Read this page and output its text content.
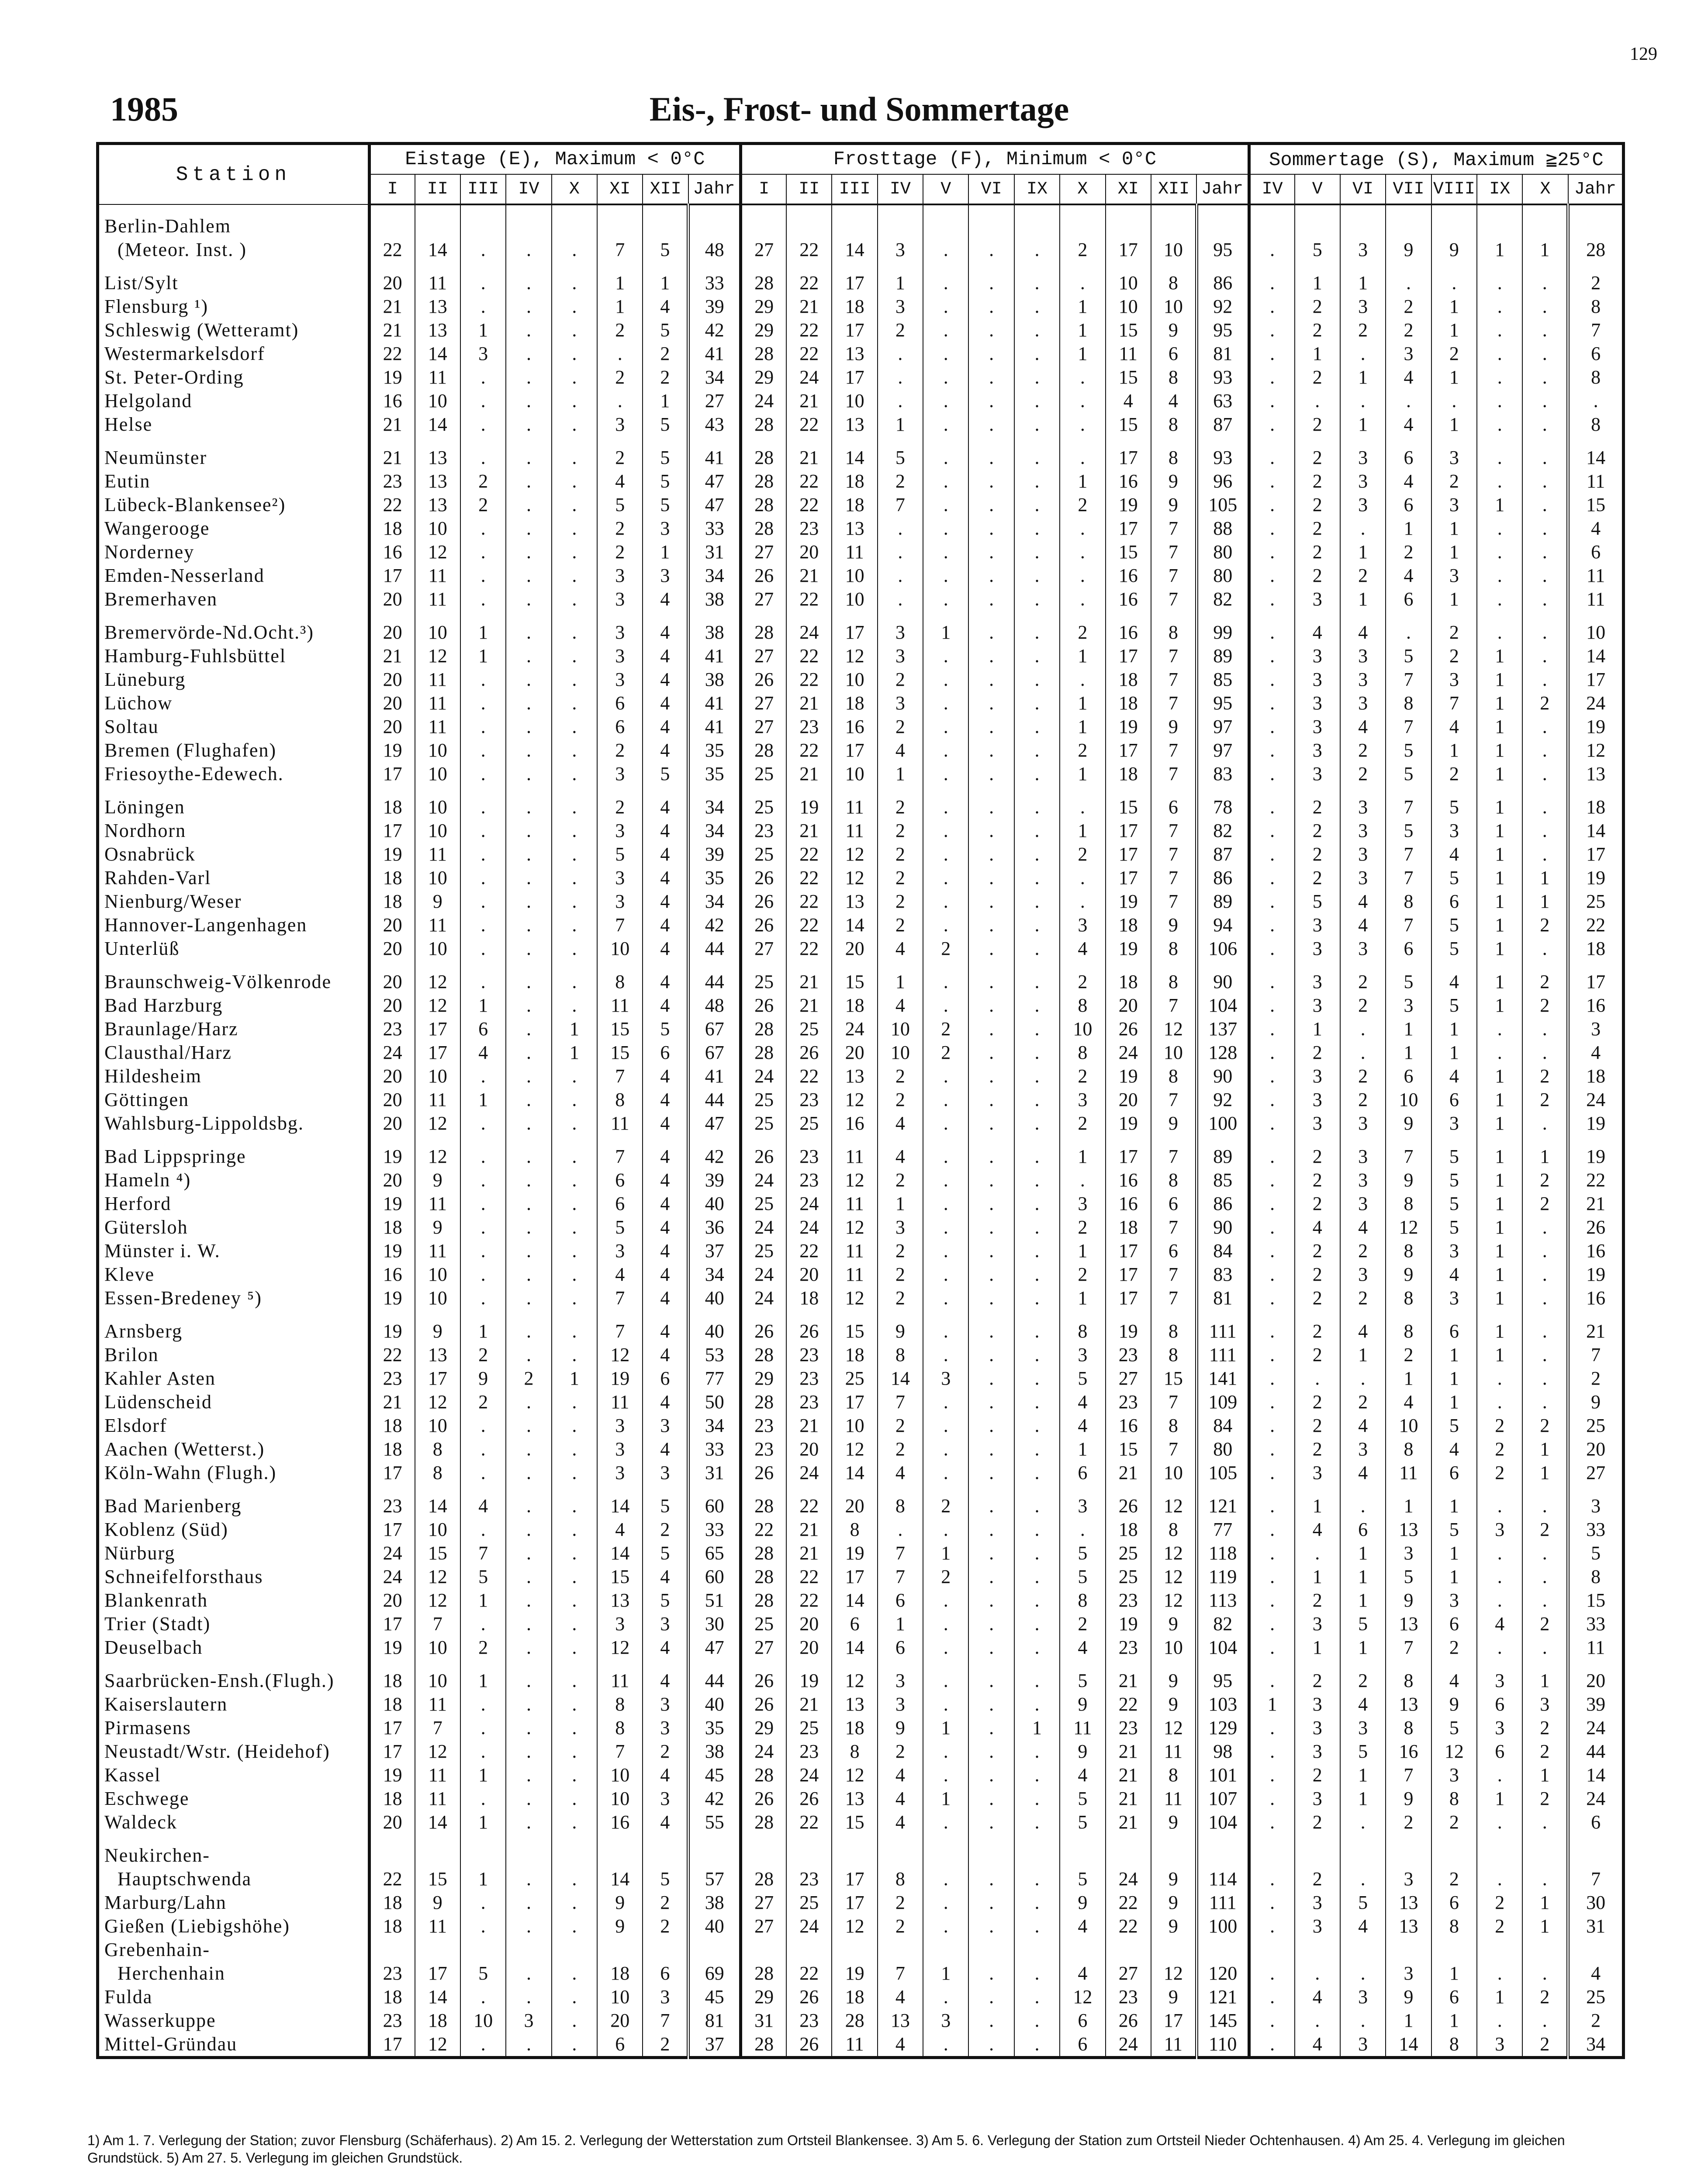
129
1985	Eis-, Frost- und Sommertage
Station	Eistage (E), Maximum < 0°C								Frosttage (F), Minimum < 0°C											Sommertage (S), Maximum ≧25°C							
	I	II	III	IV	X	XI	XII	Jahr	I	II	III	IV	V	VI	IX	X	XI	XII	Jahr	IV	V	VI	VII	VIII	IX	X	Jahr
Berlin-Dahlem
(Meteor. Inst. )	22	14	.	.	.	7	5	48	27	22	14	3	.	.	.	2	17	10	95	.	5	3	9	9	1	1	28
List/Sylt	20	11	.	.	.	1	1	33	28	22	17	1	.	.	.	.	10	8	86	.	1	1	.	.	.	.	2
Flensburg ¹)	21	13	.	.	.	1	4	39	29	21	18	3	.	.	.	1	10	10	92	.	2	3	2	1	.	.	8
Schleswig (Wetteramt)	21	13	1	.	.	2	5	42	29	22	17	2	.	.	.	1	15	9	95	.	2	2	2	1	.	.	7
Westermarkelsdorf	22	14	3	.	.	.	2	41	28	22	13	.	.	.	.	1	11	6	81	.	1	.	3	2	.	.	6
St. Peter-Ording	19	11	.	.	.	2	2	34	29	24	17	.	.	.	.	.	15	8	93	.	2	1	4	1	.	.	8
Helgoland	16	10	.	.	.	.	1	27	24	21	10	.	.	.	.	.	4	4	63	.	.	.	.	.	.	.	.
Helse	21	14	.	.	.	3	5	43	28	22	13	1	.	.	.	.	15	8	87	.	2	1	4	1	.	.	8
Neumünster	21	13	.	.	.	2	5	41	28	21	14	5	.	.	.	.	17	8	93	.	2	3	6	3	.	.	14
Eutin	23	13	2	.	.	4	5	47	28	22	18	2	.	.	.	1	16	9	96	.	2	3	4	2	.	.	11
Lübeck-Blankensee²)	22	13	2	.	.	5	5	47	28	22	18	7	.	.	.	2	19	9	105	.	2	3	6	3	1	.	15
Wangerooge	18	10	.	.	.	2	3	33	28	23	13	.	.	.	.	.	17	7	88	.	2	.	1	1	.	.	4
Norderney	16	12	.	.	.	2	1	31	27	20	11	.	.	.	.	.	15	7	80	.	2	1	2	1	.	.	6
Emden-Nesserland	17	11	.	.	.	3	3	34	26	21	10	.	.	.	.	.	16	7	80	.	2	2	4	3	.	.	11
Bremerhaven	20	11	.	.	.	3	4	38	27	22	10	.	.	.	.	.	16	7	82	.	3	1	6	1	.	.	11
Bremervörde-Nd.Ocht.³)	20	10	1	.	.	3	4	38	28	24	17	3	1	.	.	2	16	8	99	.	4	4	.	2	.	.	10
Hamburg-Fuhlsbüttel	21	12	1	.	.	3	4	41	27	22	12	3	.	.	.	1	17	7	89	.	3	3	5	2	1	.	14
Lüneburg	20	11	.	.	.	3	4	38	26	22	10	2	.	.	.	.	18	7	85	.	3	3	7	3	1	.	17
Lüchow	20	11	.	.	.	6	4	41	27	21	18	3	.	.	.	1	18	7	95	.	3	3	8	7	1	2	24
Soltau	20	11	.	.	.	6	4	41	27	23	16	2	.	.	.	1	19	9	97	.	3	4	7	4	1	.	19
Bremen (Flughafen)	19	10	.	.	.	2	4	35	28	22	17	4	.	.	.	2	17	7	97	.	3	2	5	1	1	.	12
Friesoythe-Edewech.	17	10	.	.	.	3	5	35	25	21	10	1	.	.	.	1	18	7	83	.	3	2	5	2	1	.	13
Löningen	18	10	.	.	.	2	4	34	25	19	11	2	.	.	.	.	15	6	78	.	2	3	7	5	1	.	18
Nordhorn	17	10	.	.	.	3	4	34	23	21	11	2	.	.	.	1	17	7	82	.	2	3	5	3	1	.	14
Osnabrück	19	11	.	.	.	5	4	39	25	22	12	2	.	.	.	2	17	7	87	.	2	3	7	4	1	.	17
Rahden-Varl	18	10	.	.	.	3	4	35	26	22	12	2	.	.	.	.	17	7	86	.	2	3	7	5	1	1	19
Nienburg/Weser	18	9	.	.	.	3	4	34	26	22	13	2	.	.	.	.	19	7	89	.	5	4	8	6	1	1	25
Hannover-Langenhagen	20	11	.	.	.	7	4	42	26	22	14	2	.	.	.	3	18	9	94	.	3	4	7	5	1	2	22
Unterlüß	20	10	.	.	.	10	4	44	27	22	20	4	2	.	.	4	19	8	106	.	3	3	6	5	1	.	18
Braunschweig-Völkenrode	20	12	.	.	.	8	4	44	25	21	15	1	.	.	.	2	18	8	90	.	3	2	5	4	1	2	17
Bad Harzburg	20	12	1	.	.	11	4	48	26	21	18	4	.	.	.	8	20	7	104	.	3	2	3	5	1	2	16
Braunlage/Harz	23	17	6	.	1	15	5	67	28	25	24	10	2	.	.	10	26	12	137	.	1	.	1	1	.	.	3
Clausthal/Harz	24	17	4	.	1	15	6	67	28	26	20	10	2	.	.	8	24	10	128	.	2	.	1	1	.	.	4
Hildesheim	20	10	.	.	.	7	4	41	24	22	13	2	.	.	.	2	19	8	90	.	3	2	6	4	1	2	18
Göttingen	20	11	1	.	.	8	4	44	25	23	12	2	.	.	.	3	20	7	92	.	3	2	10	6	1	2	24
Wahlsburg-Lippoldsbg.	20	12	.	.	.	11	4	47	25	25	16	4	.	.	.	2	19	9	100	.	3	3	9	3	1	.	19
Bad Lippspringe	19	12	.	.	.	7	4	42	26	23	11	4	.	.	.	1	17	7	89	.	2	3	7	5	1	1	19
Hameln ⁴)	20	9	.	.	.	6	4	39	24	23	12	2	.	.	.	.	16	8	85	.	2	3	9	5	1	2	22
Herford	19	11	.	.	.	6	4	40	25	24	11	1	.	.	.	3	16	6	86	.	2	3	8	5	1	2	21
Gütersloh	18	9	.	.	.	5	4	36	24	24	12	3	.	.	.	2	18	7	90	.	4	4	12	5	1	.	26
Münster i. W.	19	11	.	.	.	3	4	37	25	22	11	2	.	.	.	1	17	6	84	.	2	2	8	3	1	.	16
Kleve	16	10	.	.	.	4	4	34	24	20	11	2	.	.	.	2	17	7	83	.	2	3	9	4	1	.	19
Essen-Bredeney ⁵)	19	10	.	.	.	7	4	40	24	18	12	2	.	.	.	1	17	7	81	.	2	2	8	3	1	.	16
Arnsberg	19	9	1	.	.	7	4	40	26	26	15	9	.	.	.	8	19	8	111	.	2	4	8	6	1	.	21
Brilon	22	13	2	.	.	12	4	53	28	23	18	8	.	.	.	3	23	8	111	.	2	1	2	1	1	.	7
Kahler Asten	23	17	9	2	1	19	6	77	29	23	25	14	3	.	.	5	27	15	141	.	.	.	1	1	.	.	2
Lüdenscheid	21	12	2	.	.	11	4	50	28	23	17	7	.	.	.	4	23	7	109	.	2	2	4	1	.	.	9
Elsdorf	18	10	.	.	.	3	3	34	23	21	10	2	.	.	.	4	16	8	84	.	2	4	10	5	2	2	25
Aachen (Wetterst.)	18	8	.	.	.	3	4	33	23	20	12	2	.	.	.	1	15	7	80	.	2	3	8	4	2	1	20
Köln-Wahn (Flugh.)	17	8	.	.	.	3	3	31	26	24	14	4	.	.	.	6	21	10	105	.	3	4	11	6	2	1	27
Bad Marienberg	23	14	4	.	.	14	5	60	28	22	20	8	2	.	.	3	26	12	121	.	1	.	1	1	.	.	3
Koblenz (Süd)	17	10	.	.	.	4	2	33	22	21	8	.	.	.	.	.	18	8	77	.	4	6	13	5	3	2	33
Nürburg	24	15	7	.	.	14	5	65	28	21	19	7	1	.	.	5	25	12	118	.	.	1	3	1	.	.	5
Schneifelforsthaus	24	12	5	.	.	15	4	60	28	22	17	7	2	.	.	5	25	12	119	.	1	1	5	1	.	.	8
Blankenrath	20	12	1	.	.	13	5	51	28	22	14	6	.	.	.	8	23	12	113	.	2	1	9	3	.	.	15
Trier (Stadt)	17	7	.	.	.	3	3	30	25	20	6	1	.	.	.	2	19	9	82	.	3	5	13	6	4	2	33
Deuselbach	19	10	2	.	.	12	4	47	27	20	14	6	.	.	.	4	23	10	104	.	1	1	7	2	.	.	11
Saarbrücken-Ensh.(Flugh.)	18	10	1	.	.	11	4	44	26	19	12	3	.	.	.	5	21	9	95	.	2	2	8	4	3	1	20
Kaiserslautern	18	11	.	.	.	8	3	40	26	21	13	3	.	.	.	9	22	9	103	1	3	4	13	9	6	3	39
Pirmasens	17	7	.	.	.	8	3	35	29	25	18	9	1	.	1	11	23	12	129	.	3	3	8	5	3	2	24
Neustadt/Wstr. (Heidehof)	17	12	.	.	.	7	2	38	24	23	8	2	.	.	.	9	21	11	98	.	3	5	16	12	6	2	44
Kassel	19	11	1	.	.	10	4	45	28	24	12	4	.	.	.	4	21	8	101	.	2	1	7	3	.	1	14
Eschwege	18	11	.	.	.	10	3	42	26	26	13	4	1	.	.	5	21	11	107	.	3	1	9	8	1	2	24
Waldeck	20	14	1	.	.	16	4	55	28	22	15	4	.	.	.	5	21	9	104	.	2	.	2	2	.	.	6
Neukirchen-
Hauptschwenda	22	15	1	.	.	14	5	57	28	23	17	8	.	.	.	5	24	9	114	.	2	.	3	2	.	.	7
Marburg/Lahn	18	9	.	.	.	9	2	38	27	25	17	2	.	.	.	9	22	9	111	.	3	5	13	6	2	1	30
Gießen (Liebigshöhe)	18	11	.	.	.	9	2	40	27	24	12	2	.	.	.	4	22	9	100	.	3	4	13	8	2	1	31
Grebenhain-
Herchenhain	23	17	5	.	.	18	6	69	28	22	19	7	1	.	.	4	27	12	120	.	.	.	3	1	.	.	4
Fulda	18	14	.	.	.	10	3	45	29	26	18	4	.	.	.	12	23	9	121	.	4	3	9	6	1	2	25
Wasserkuppe	23	18	10	3	.	20	7	81	31	23	28	13	3	.	.	6	26	17	145	.	.	.	1	1	.	.	2
Mittel-Gründau	17	12	.	.	.	6	2	37	28	26	11	4	.	.	.	6	24	11	110	.	4	3	14	8	3	2	34
1) Am 1. 7. Verlegung der Station; zuvor Flensburg (Schäferhaus). 2) Am 15. 2. Verlegung der Wetterstation zum Ortsteil Blankensee. 3) Am 5. 6. Verlegung der Station zum Ortsteil Nieder Ochtenhausen. 4) Am 25. 4. Verlegung im gleichen Grundstück. 5) Am 27. 5. Verlegung im gleichen Grundstück.
